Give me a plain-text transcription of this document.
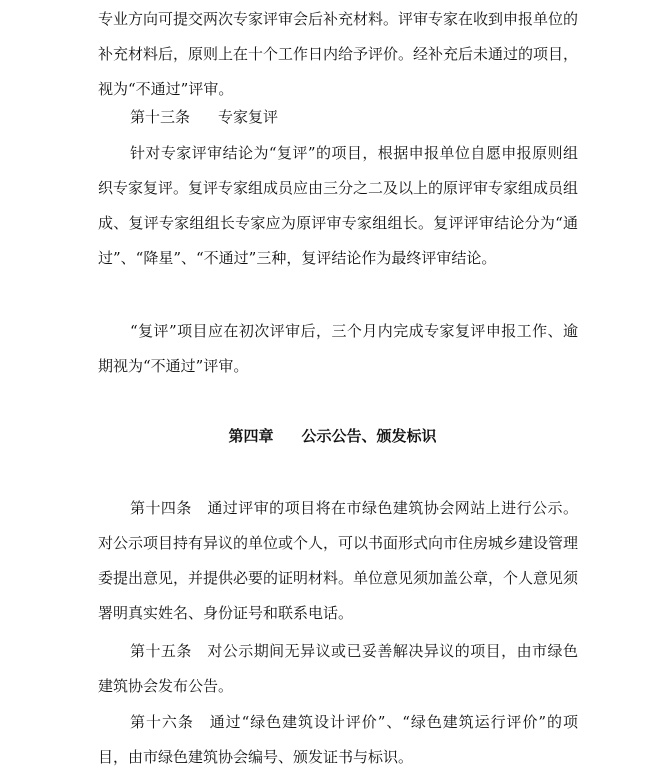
专业方向可提交两次专家评审会后补充材料。评审专家在收到申报单位的补充材料后，原则上在十个工作日内给予评价。经补充后未通过的项目，视为“不通过”评审。

第十三条 专家复评

针对专家评审结论为“复评”的项目，根据申报单位自愿申报原则组织专家复评。复评专家组成员应由三分之二及以上的原评审专家组成员组成、复评专家组组长专家应为原评审专家组组长。复评评审结论分为“通过”、“降星”、“不通过”三种，复评结论作为最终评审结论。

“复评”项目应在初次评审后，三个月内完成专家复评申报工作、逾期视为“不通过”评审。

第四章 公示公告、颁发标识

第十四条　通过评审的项目将在市绿色建筑协会网站上进行公示。对公示项目持有异议的单位或个人，可以书面形式向市住房城乡建设管理委提出意见，并提供必要的证明材料。单位意见须加盖公章，个人意见须署明真实姓名、身份证号和联系电话。

第十五条　对公示期间无异议或已妥善解决异议的项目，由市绿色建筑协会发布公告。

第十六条　通过“绿色建筑设计评价”、“绿色建筑运行评价”的项目，由市绿色建筑协会编号、颁发证书与标识。
